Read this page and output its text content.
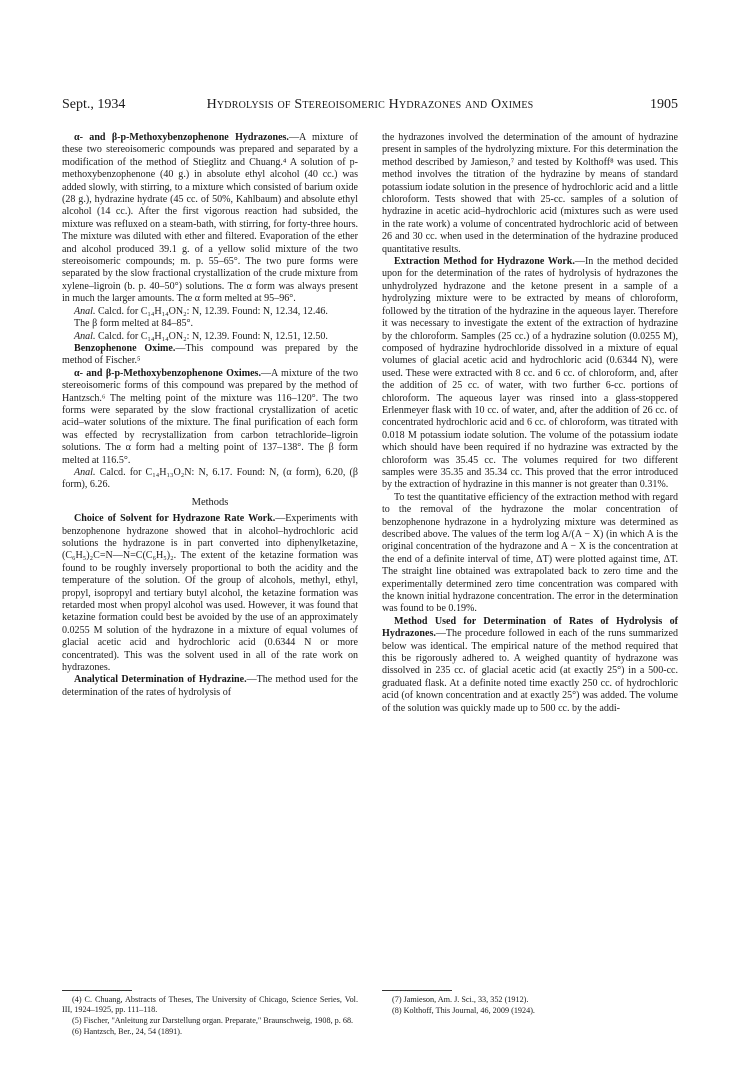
Sept., 1934	Hydrolysis of Stereoisomeric Hydrazones and Oximes	1905

α- and β-p-Methoxybenzophenone Hydrazones.—A mixture of these two stereoisomeric compounds was prepared and separated by a modification of the method of Stieglitz and Chuang.⁴ A solution of p-methoxybenzophenone (40 g.) in absolute ethyl alcohol (40 cc.) was added slowly, with stirring, to a mixture which consisted of barium oxide (28 g.), hydrazine hydrate (45 cc. of 50%, Kahlbaum) and absolute ethyl alcohol (14 cc.). After the first vigorous reaction had subsided, the mixture was refluxed on a steam-bath, with stirring, for forty-three hours. The mixture was diluted with ether and filtered. Evaporation of the ether and alcohol produced 39.1 g. of a yellow solid mixture of the two stereoisomeric compounds; m. p. 55–65°. The two pure forms were separated by the slow fractional crystallization of the crude mixture from xylene–ligroin (b. p. 40–50°) solutions. The α form was always present in much the larger amounts. The α form melted at 95–96°.

Anal. Calcd. for C₁₄H₁₄ON₂: N, 12.39. Found: N, 12.34, 12.46.

The β form melted at 84–85°.

Anal. Calcd. for C₁₄H₁₄ON₂: N, 12.39. Found: N, 12.51, 12.50.

Benzophenone Oxime.—This compound was prepared by the method of Fischer.⁵

α- and β-p-Methoxybenzophenone Oximes.—A mixture of the two stereoisomeric forms of this compound was prepared by the method of Hantzsch.⁶ The melting point of the mixture was 116–120°. The two forms were separated by the slow fractional crystallization of acetic acid–water solutions of the mixture. The final purification of each form was effected by recrystallization from carbon tetrachloride–ligroin solutions. The α form had a melting point of 137–138°. The β form melted at 116.5°.

Anal. Calcd. for C₁₄H₁₃O₂N: N, 6.17. Found: N, (α form), 6.20, (β form), 6.26.

Methods

Choice of Solvent for Hydrazone Rate Work.—Experiments with benzophenone hydrazone showed that in alcohol–hydrochloric acid solutions the hydrazone is in part converted into diphenylketazine, (C₆H₅)₂C=N—N=C(C₆H₅)₂. The extent of the ketazine formation was found to be roughly inversely proportional to both the acidity and the temperature of the solution. Of the group of alcohols, methyl, ethyl, propyl, isopropyl and tertiary butyl alcohol, the ketazine formation was retarded most when propyl alcohol was used. However, it was found that ketazine formation could best be avoided by the use of an approximately 0.0255 M solution of the hydrazone in a mixture of equal volumes of glacial acetic acid and hydrochloric acid (0.6344 N or more concentrated). This was the solvent used in all of the rate work on hydrazones.

Analytical Determination of Hydrazine.—The method used for the determination of the rates of hydrolysis of

(4) C. Chuang, Abstracts of Theses, The University of Chicago, Science Series, Vol. III, 1924–1925, pp. 111–118.

(5) Fischer, "Anleitung zur Darstellung organ. Preparate," Braunschweig, 1908, p. 68.

(6) Hantzsch, Ber., 24, 54 (1891).

the hydrazones involved the determination of the amount of hydrazine present in samples of the hydrolyzing mixture. For this determination the method described by Jamieson,⁷ and tested by Kolthoff⁸ was used. This method involves the titration of the hydrazine by means of standard potassium iodate solution in the presence of hydrochloric acid and a little chloroform. Tests showed that with 25-cc. samples of a solution of hydrazine in acetic acid–hydrochloric acid (mixtures such as were used in the rate work) a volume of concentrated hydrochloric acid of between 26 and 30 cc. when used in the determination of the hydrazine produced quantitative results.

Extraction Method for Hydrazone Work.—In the method decided upon for the determination of the rates of hydrolysis of hydrazones the unhydrolyzed hydrazone and the ketone present in a sample of a hydrolyzing mixture were to be extracted by means of chloroform, followed by the titration of the hydrazine in the aqueous layer. Therefore it was necessary to investigate the extent of the extraction of hydrazine by the chloroform. Samples (25 cc.) of a hydrazine solution (0.0255 M), composed of hydrazine hydrochloride dissolved in a mixture of equal volumes of glacial acetic acid and hydrochloric acid (0.6344 N), were used. These were extracted with 8 cc. and 6 cc. of chloroform, and, after the addition of 25 cc. of water, with two further 6-cc. portions of chloroform. The aqueous layer was rinsed into a glass-stoppered Erlenmeyer flask with 10 cc. of water, and, after the addition of 26 cc. of concentrated hydrochloric acid and 6 cc. of chloroform, was titrated with 0.018 M potassium iodate solution. The volume of the potassium iodate which should have been required if no hydrazine was extracted by the chloroform was 35.45 cc. The volumes required for two different samples were 35.35 and 35.34 cc. This proved that the error introduced by the extraction of hydrazine in this manner is not greater than 0.31%.

To test the quantitative efficiency of the extraction method with regard to the removal of the hydrazone the molar concentration of benzophenone hydrazone in a hydrolyzing mixture was determined as described above. The values of the term log A/(A − X) (in which A is the original concentration of the hydrazone and A − X is the concentration at the end of a definite interval of time, ΔT) were plotted against time, ΔT. The straight line obtained was extrapolated back to zero time and the experimentally determined zero time concentration was compared with the known initial hydrazone concentration. The error in the determination was found to be 0.19%.

Method Used for Determination of Rates of Hydrolysis of Hydrazones.—The procedure followed in each of the runs summarized below was identical. The empirical nature of the method required that this be rigorously adhered to. A weighed quantity of hydrazone was dissolved in 235 cc. of glacial acetic acid (at exactly 25°) in a 500-cc. graduated flask. At a definite noted time exactly 250 cc. of hydrochloric acid (of known concentration and at exactly 25°) was added. The volume of the solution was quickly made up to 500 cc. by the addi-

(7) Jamieson, Am. J. Sci., 33, 352 (1912).

(8) Kolthoff, This Journal, 46, 2009 (1924).
